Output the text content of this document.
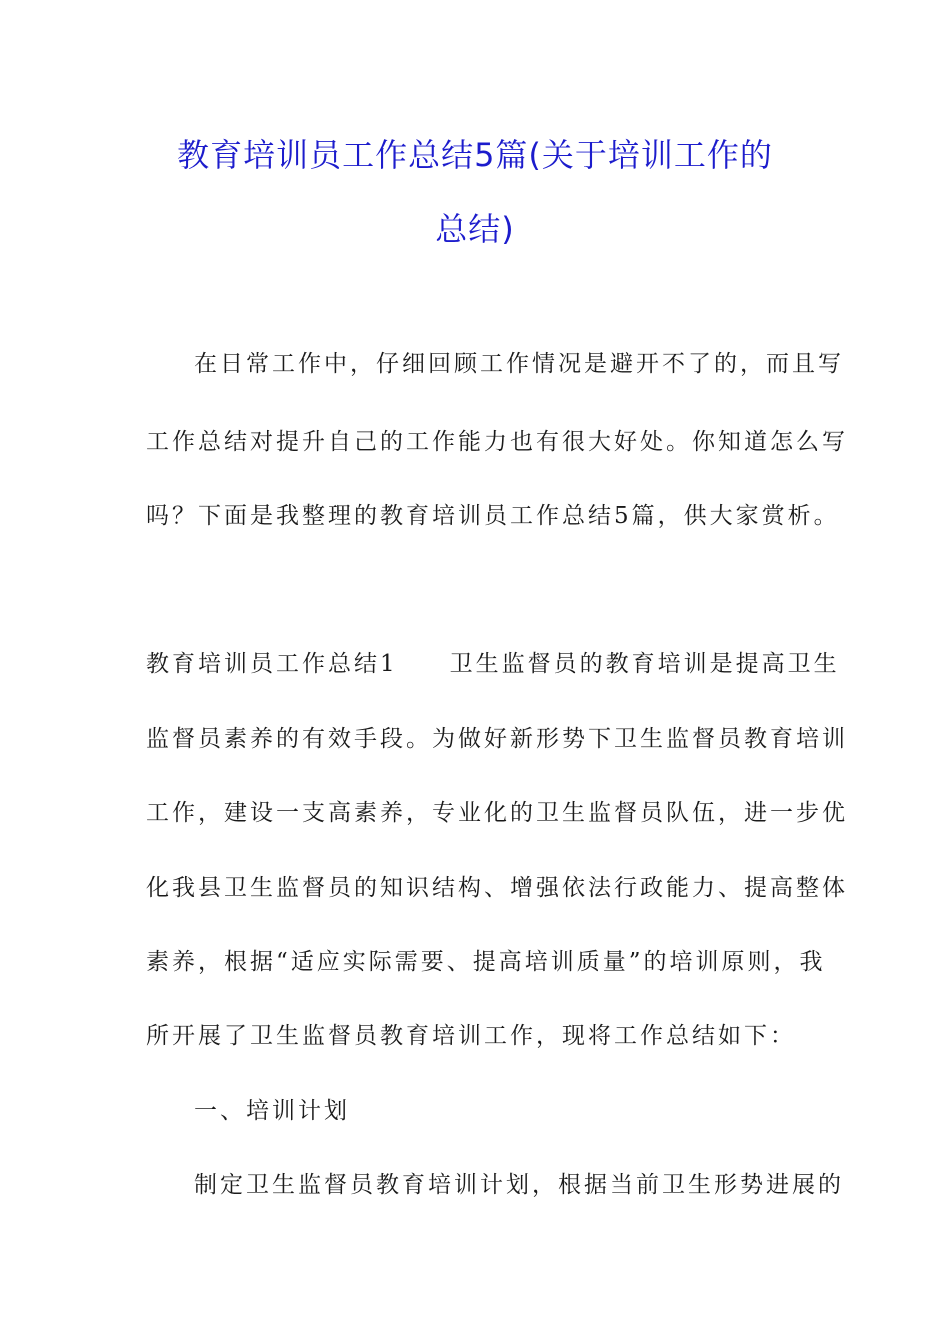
教育培训员工作总结5篇(关于培训工作的
总结)

在日常工作中，仔细回顾工作情况是避开不了的，而且写

工作总结对提升自己的工作能力也有很大好处。你知道怎么写

吗？下面是我整理的教育培训员工作总结5篇，供大家赏析。

教育培训员工作总结1　　卫生监督员的教育培训是提高卫生

监督员素养的有效手段。为做好新形势下卫生监督员教育培训

工作，建设一支高素养，专业化的卫生监督员队伍，进一步优

化我县卫生监督员的知识结构、增强依法行政能力、提高整体

素养，根据“适应实际需要、提高培训质量”的培训原则，我

所开展了卫生监督员教育培训工作，现将工作总结如下：

一、培训计划

制定卫生监督员教育培训计划，根据当前卫生形势进展的
